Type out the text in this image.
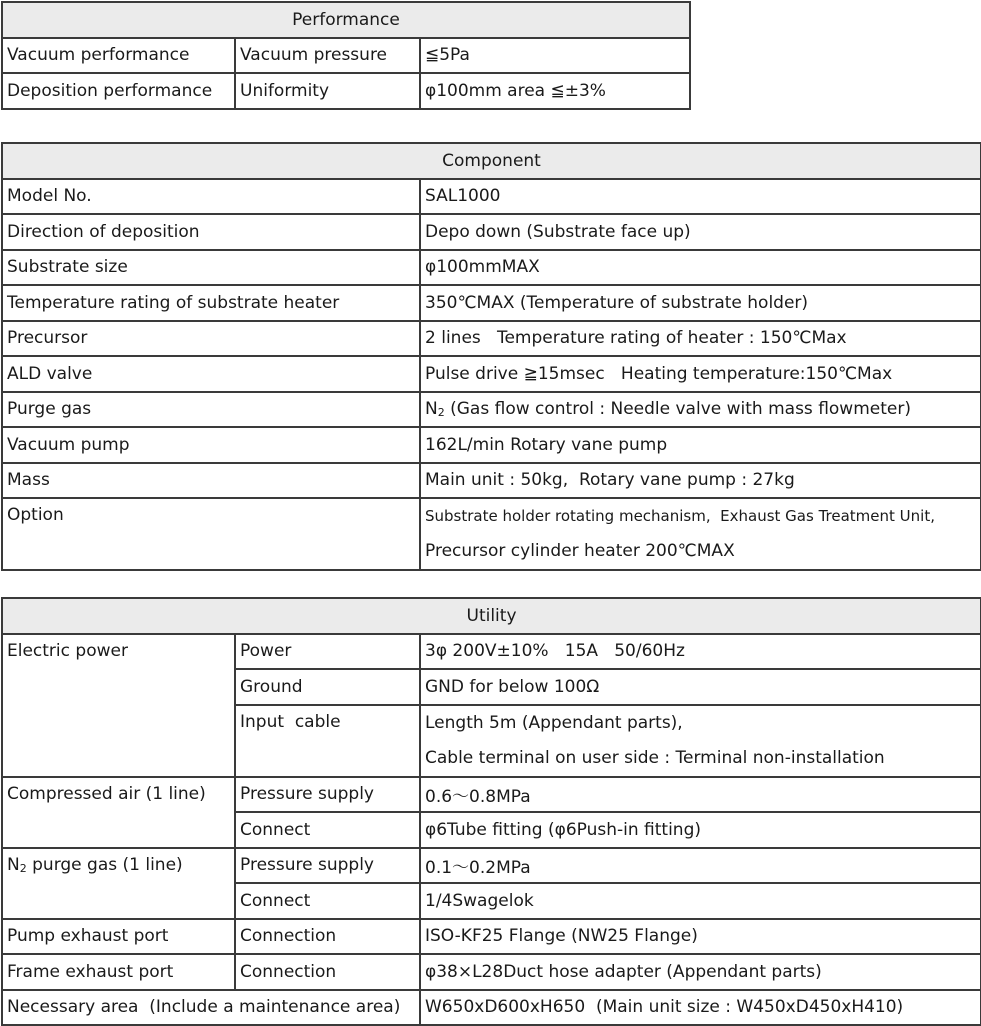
Performance		
Vacuum performance	Vacuum pressure	≦5Pa
Deposition performance	Uniformity	φ100mm area ≦±3%
Component	
Model No.	SAL1000
Direction of deposition	Depo down (Substrate face up)
Substrate size	φ100mmMAX
Temperature rating of substrate heater	350℃MAX (Temperature of substrate holder)
Precursor	2 lines   Temperature rating of heater : 150℃Max
ALD valve	Pulse drive ≧15msec   Heating temperature:150℃Max
Purge gas	N2 (Gas flow control : Needle valve with mass flowmeter)
Vacuum pump	162L/min Rotary vane pump
Mass	Main unit : 50kg,  Rotary vane pump : 27kg
Option	Substrate holder rotating mechanism,  Exhaust Gas Treatment Unit,
Precursor cylinder heater 200℃MAX
Utility		
Electric power	Power	3φ 200V±10%   15A   50/60Hz
	Ground	GND for below 100Ω
	Input  cable	Length 5m (Appendant parts),
Cable terminal on user side : Terminal non-installation

Compressed air (1 line)	Pressure supply	0.6〜0.8MPa
	Connect	φ6Tube fitting (φ6Push-in fitting)
N2 purge gas (1 line)	Pressure supply	0.1〜0.2MPa
	Connect	1/4Swagelok
Pump exhaust port	Connection	ISO-KF25 Flange (NW25 Flange)
Frame exhaust port	Connection	φ38×L28Duct hose adapter (Appendant parts)
Necessary area  (Include a maintenance area)		W650xD600xH650  (Main unit size : W450xD450xH410)
